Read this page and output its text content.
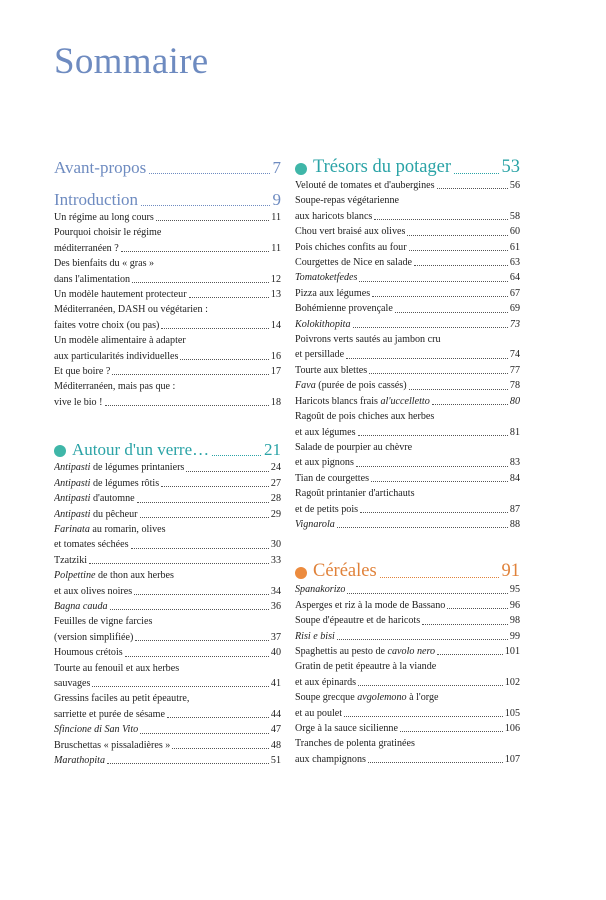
Sommaire
Avant-propos	7
Introduction	9
Un régime au long cours	11
Pourquoi choisir le régime
méditerranéen ?	11
Des bienfaits du « gras »
dans l'alimentation	12
Un modèle hautement protecteur	13
Méditerranéen, DASH ou végétarien :
faites votre choix (ou pas)	14
Un modèle alimentaire à adapter
aux particularités individuelles	16
Et que boire ?	17
Méditerranéen, mais pas que :
vive le bio !	18
Autour d'un verre…	21
Antipasti de légumes printaniers	24
Antipasti de légumes rôtis	27
Antipasti d'automne	28
Antipasti du pêcheur	29
Farinata au romarin, olives
et tomates séchées	30
Tzatziki	33
Polpettine de thon aux herbes
et aux olives noires	34
Bagna cauda	36
Feuilles de vigne farcies
(version simplifiée)	37
Houmous crétois	40
Tourte au fenouil et aux herbes
sauvages	41
Gressins faciles au petit épeautre,
sarriette et purée de sésame	44
Sfincione di San Vito	47
Bruschettas « pissaladières »	48
Marathopita	51
Trésors du potager	53
Velouté de tomates et d'aubergines	56
Soupe-repas végétarienne
aux haricots blancs	58
Chou vert braisé aux olives	60
Pois chiches confits au four	61
Courgettes de Nice en salade	63
Tomatoketfedes	64
Pizza aux légumes	67
Bohémienne provençale	69
Kolokithopita	73
Poivrons verts sautés au jambon cru
et persillade	74
Tourte aux blettes	77
Fava (purée de pois cassés)	78
Haricots blancs frais al'uccelletto	80
Ragoût de pois chiches aux herbes
et aux légumes	81
Salade de pourpier au chèvre
et aux pignons	83
Tian de courgettes	84
Ragoût printanier d'artichauts
et de petits pois	87
Vignarola	88
Céréales	91
Spanakorizo	95
Asperges et riz à la mode de Bassano	96
Soupe d'épeautre et de haricots	98
Risi e bisi	99
Spaghettis au pesto de cavolo nero	101
Gratin de petit épeautre à la viande
et aux épinards	102
Soupe grecque avgolemono à l'orge
et au poulet	105
Orge à la sauce sicilienne	106
Tranches de polenta gratinées
aux champignons	107
